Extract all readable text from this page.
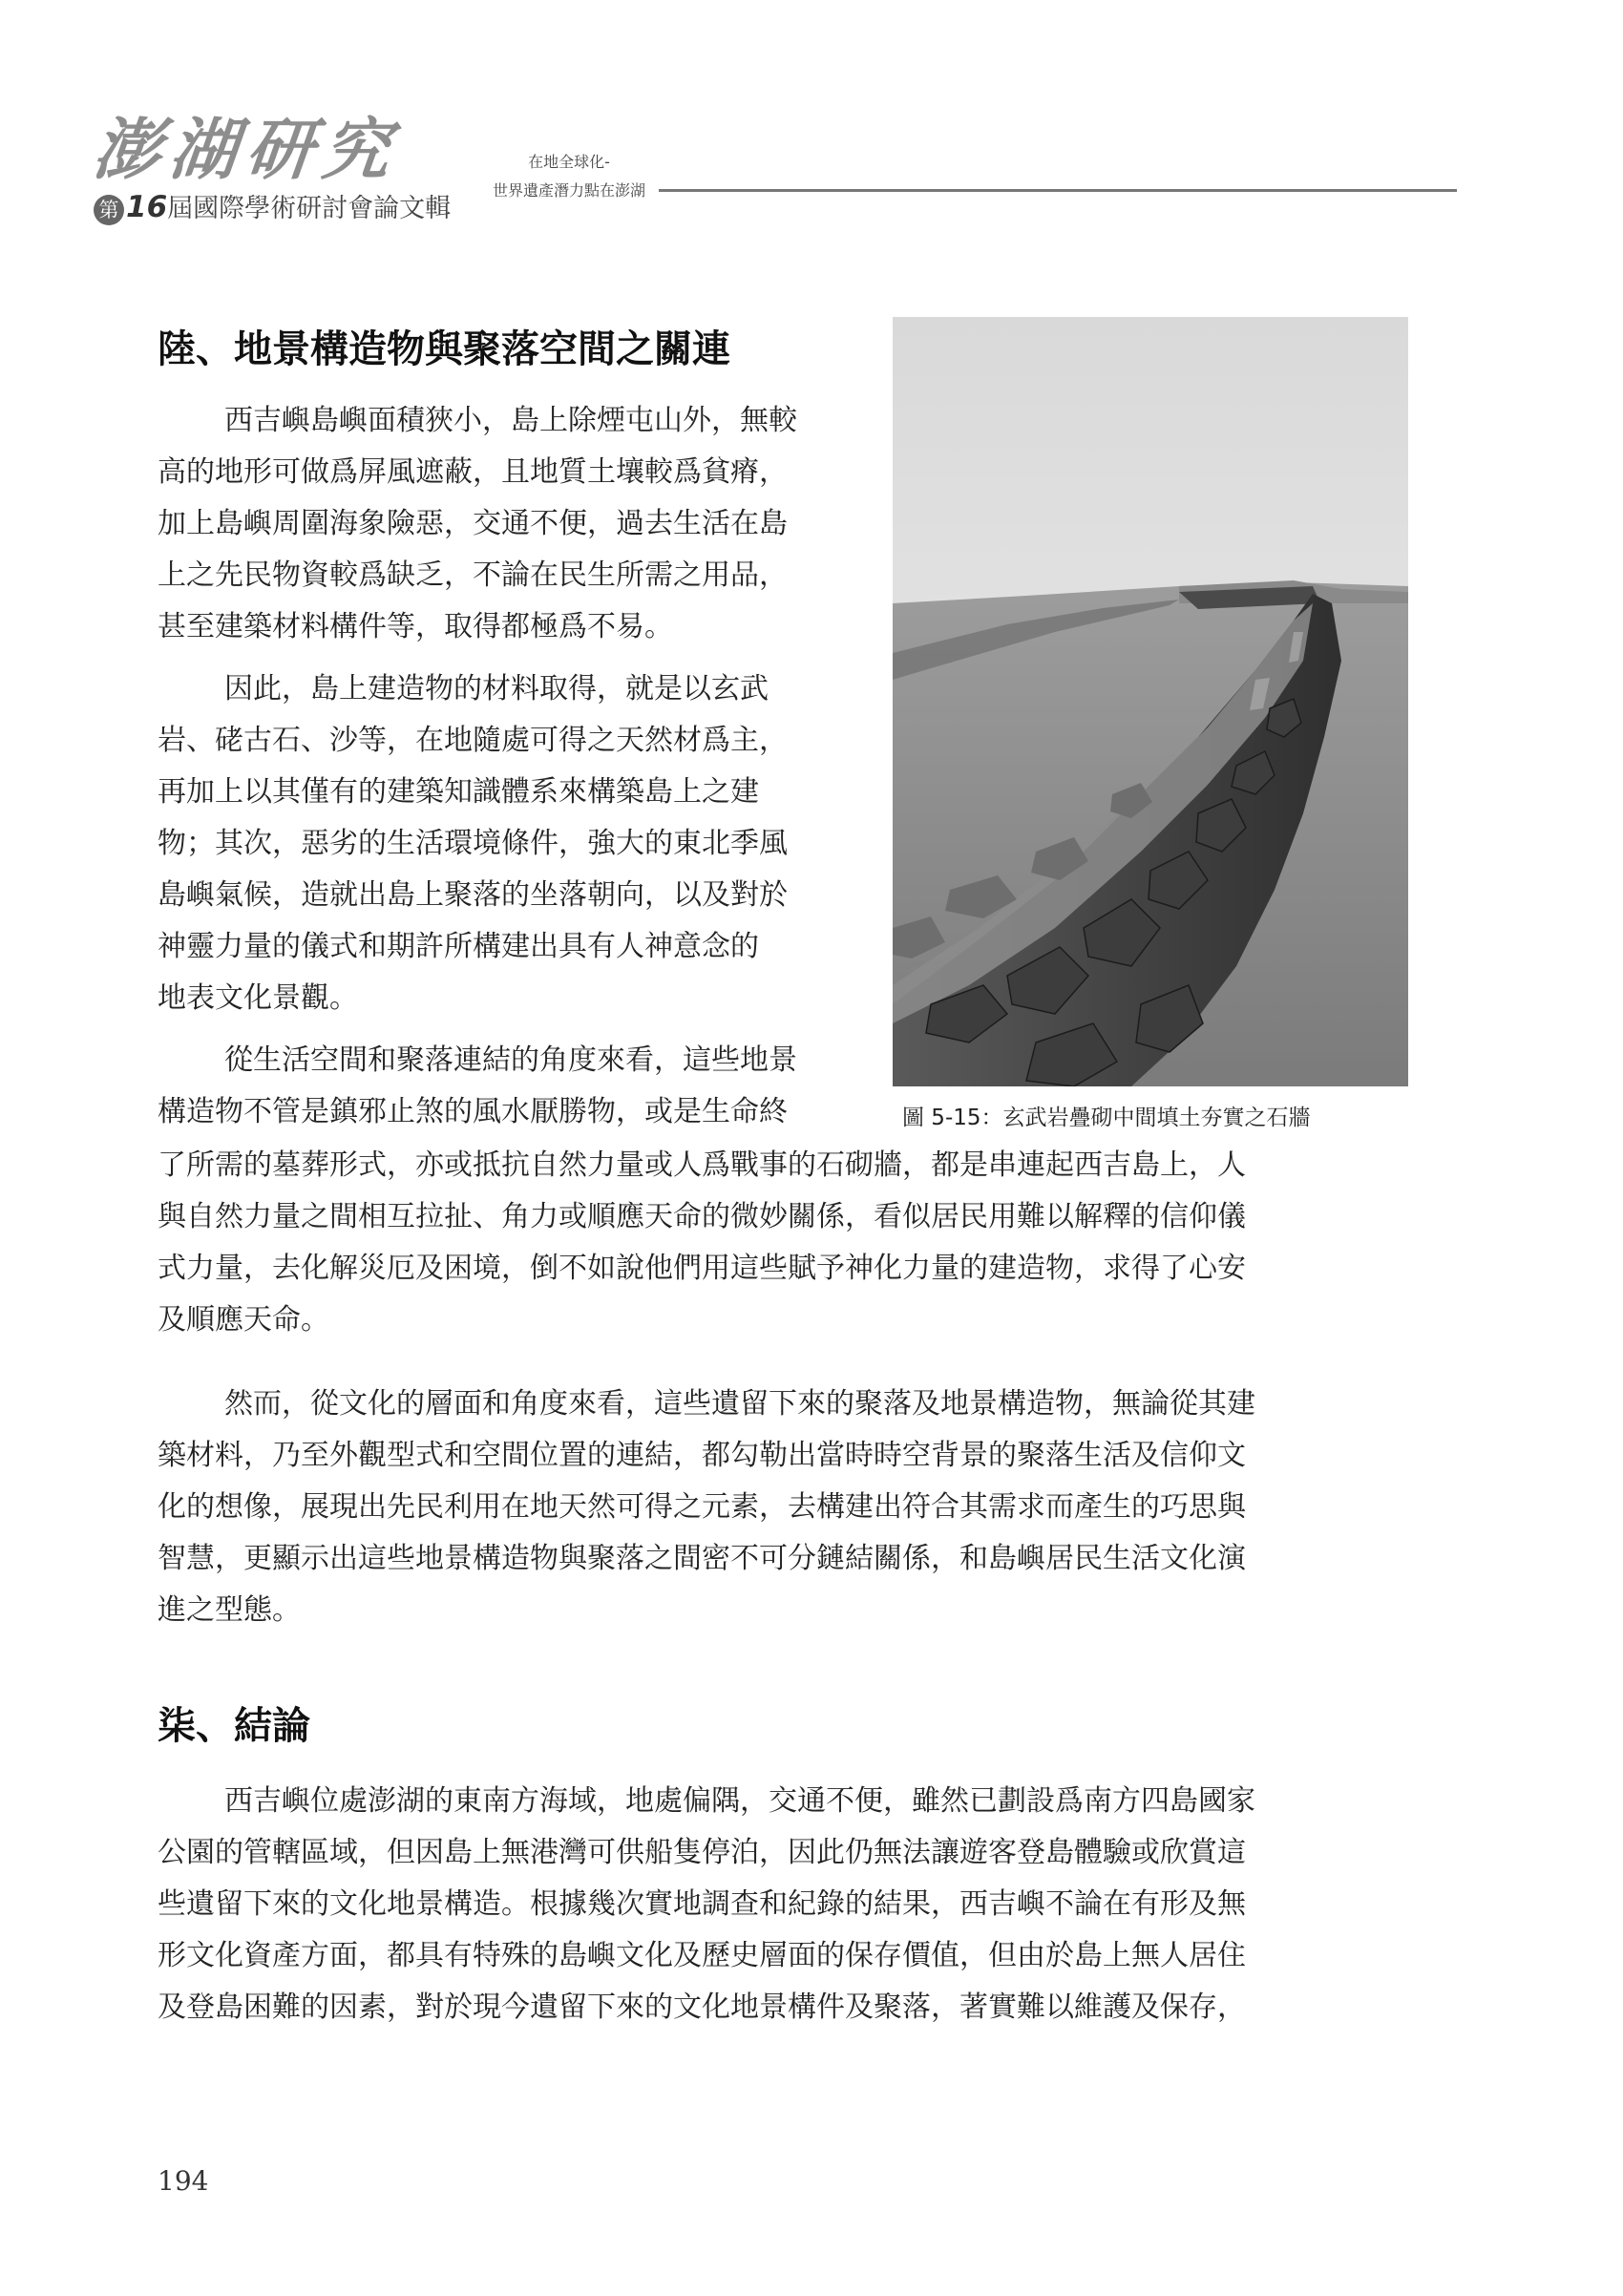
澎湖研究
第 16屆國際學術研討會論文輯
在地全球化-
世界遺產潛力點在澎湖
陸、地景構造物與聚落空間之關連
西吉嶼島嶼面積狹小，島上除煙屯山外，無較
高的地形可做爲屏風遮蔽，且地質土壤較爲貧瘠，
加上島嶼周圍海象險惡，交通不便，過去生活在島
上之先民物資較爲缺乏，不論在民生所需之用品，
甚至建築材料構件等，取得都極爲不易。
因此，島上建造物的材料取得，就是以玄武
岩、硓古石、沙等，在地隨處可得之天然材爲主，
再加上以其僅有的建築知識體系來構築島上之建
物；其次，惡劣的生活環境條件，強大的東北季風
島嶼氣候，造就出島上聚落的坐落朝向，以及對於
神靈力量的儀式和期許所構建出具有人神意念的
地表文化景觀。
從生活空間和聚落連結的角度來看，這些地景
構造物不管是鎮邪止煞的風水厭勝物，或是生命終
了所需的墓葬形式，亦或抵抗自然力量或人爲戰事的石砌牆，都是串連起西吉島上，人
與自然力量之間相互拉扯、角力或順應天命的微妙關係，看似居民用難以解釋的信仰儀
式力量，去化解災厄及困境，倒不如說他們用這些賦予神化力量的建造物，求得了心安
及順應天命。
然而，從文化的層面和角度來看，這些遺留下來的聚落及地景構造物，無論從其建
築材料，乃至外觀型式和空間位置的連結，都勾勒出當時時空背景的聚落生活及信仰文
化的想像，展現出先民利用在地天然可得之元素，去構建出符合其需求而產生的巧思與
智慧，更顯示出這些地景構造物與聚落之間密不可分鏈結關係，和島嶼居民生活文化演
進之型態。
圖 5-15：玄武岩疊砌中間填土夯實之石牆
柒、結論
西吉嶼位處澎湖的東南方海域，地處偏隅，交通不便，雖然已劃設爲南方四島國家
公園的管轄區域，但因島上無港灣可供船隻停泊，因此仍無法讓遊客登島體驗或欣賞這
些遺留下來的文化地景構造。根據幾次實地調查和紀錄的結果，西吉嶼不論在有形及無
形文化資產方面，都具有特殊的島嶼文化及歷史層面的保存價值，但由於島上無人居住
及登島困難的因素，對於現今遺留下來的文化地景構件及聚落，著實難以維護及保存，
194
